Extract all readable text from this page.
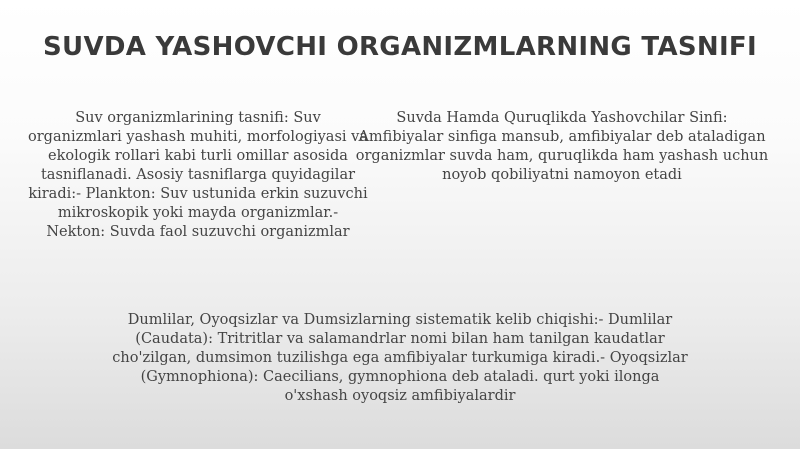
SUVDA YASHOVCHI ORGANIZMLARNING TASNIFI

Suv organizmlarining tasnifi: Suv organizmlari yashash muhiti, morfologiyasi va ekologik rollari kabi turli omillar asosida tasniflanadi. Asosiy tasniflarga quyidagilar kiradi:- Plankton: Suv ustunida erkin suzuvchi mikroskopik yoki mayda organizmlar.- Nekton: Suvda faol suzuvchi organizmlar

Suvda Hamda Quruqlikda Yashovchilar Sinfi: Amfibiyalar sinfiga mansub, amfibiyalar deb ataladigan organizmlar suvda ham, quruqlikda ham yashash uchun noyob qobiliyatni namoyon etadi

Dumlilar, Oyoqsizlar va Dumsizlarning sistematik kelib chiqishi:- Dumlilar (Caudata): Tritritlar va salamandrlar nomi bilan ham tanilgan kaudatlar cho'zilgan, dumsimon tuzilishga ega amfibiyalar turkumiga kiradi.- Oyoqsizlar (Gymnophiona): Caecilians, gymnophiona deb ataladi. qurt yoki ilonga o'xshash oyoqsiz amfibiyalardir
